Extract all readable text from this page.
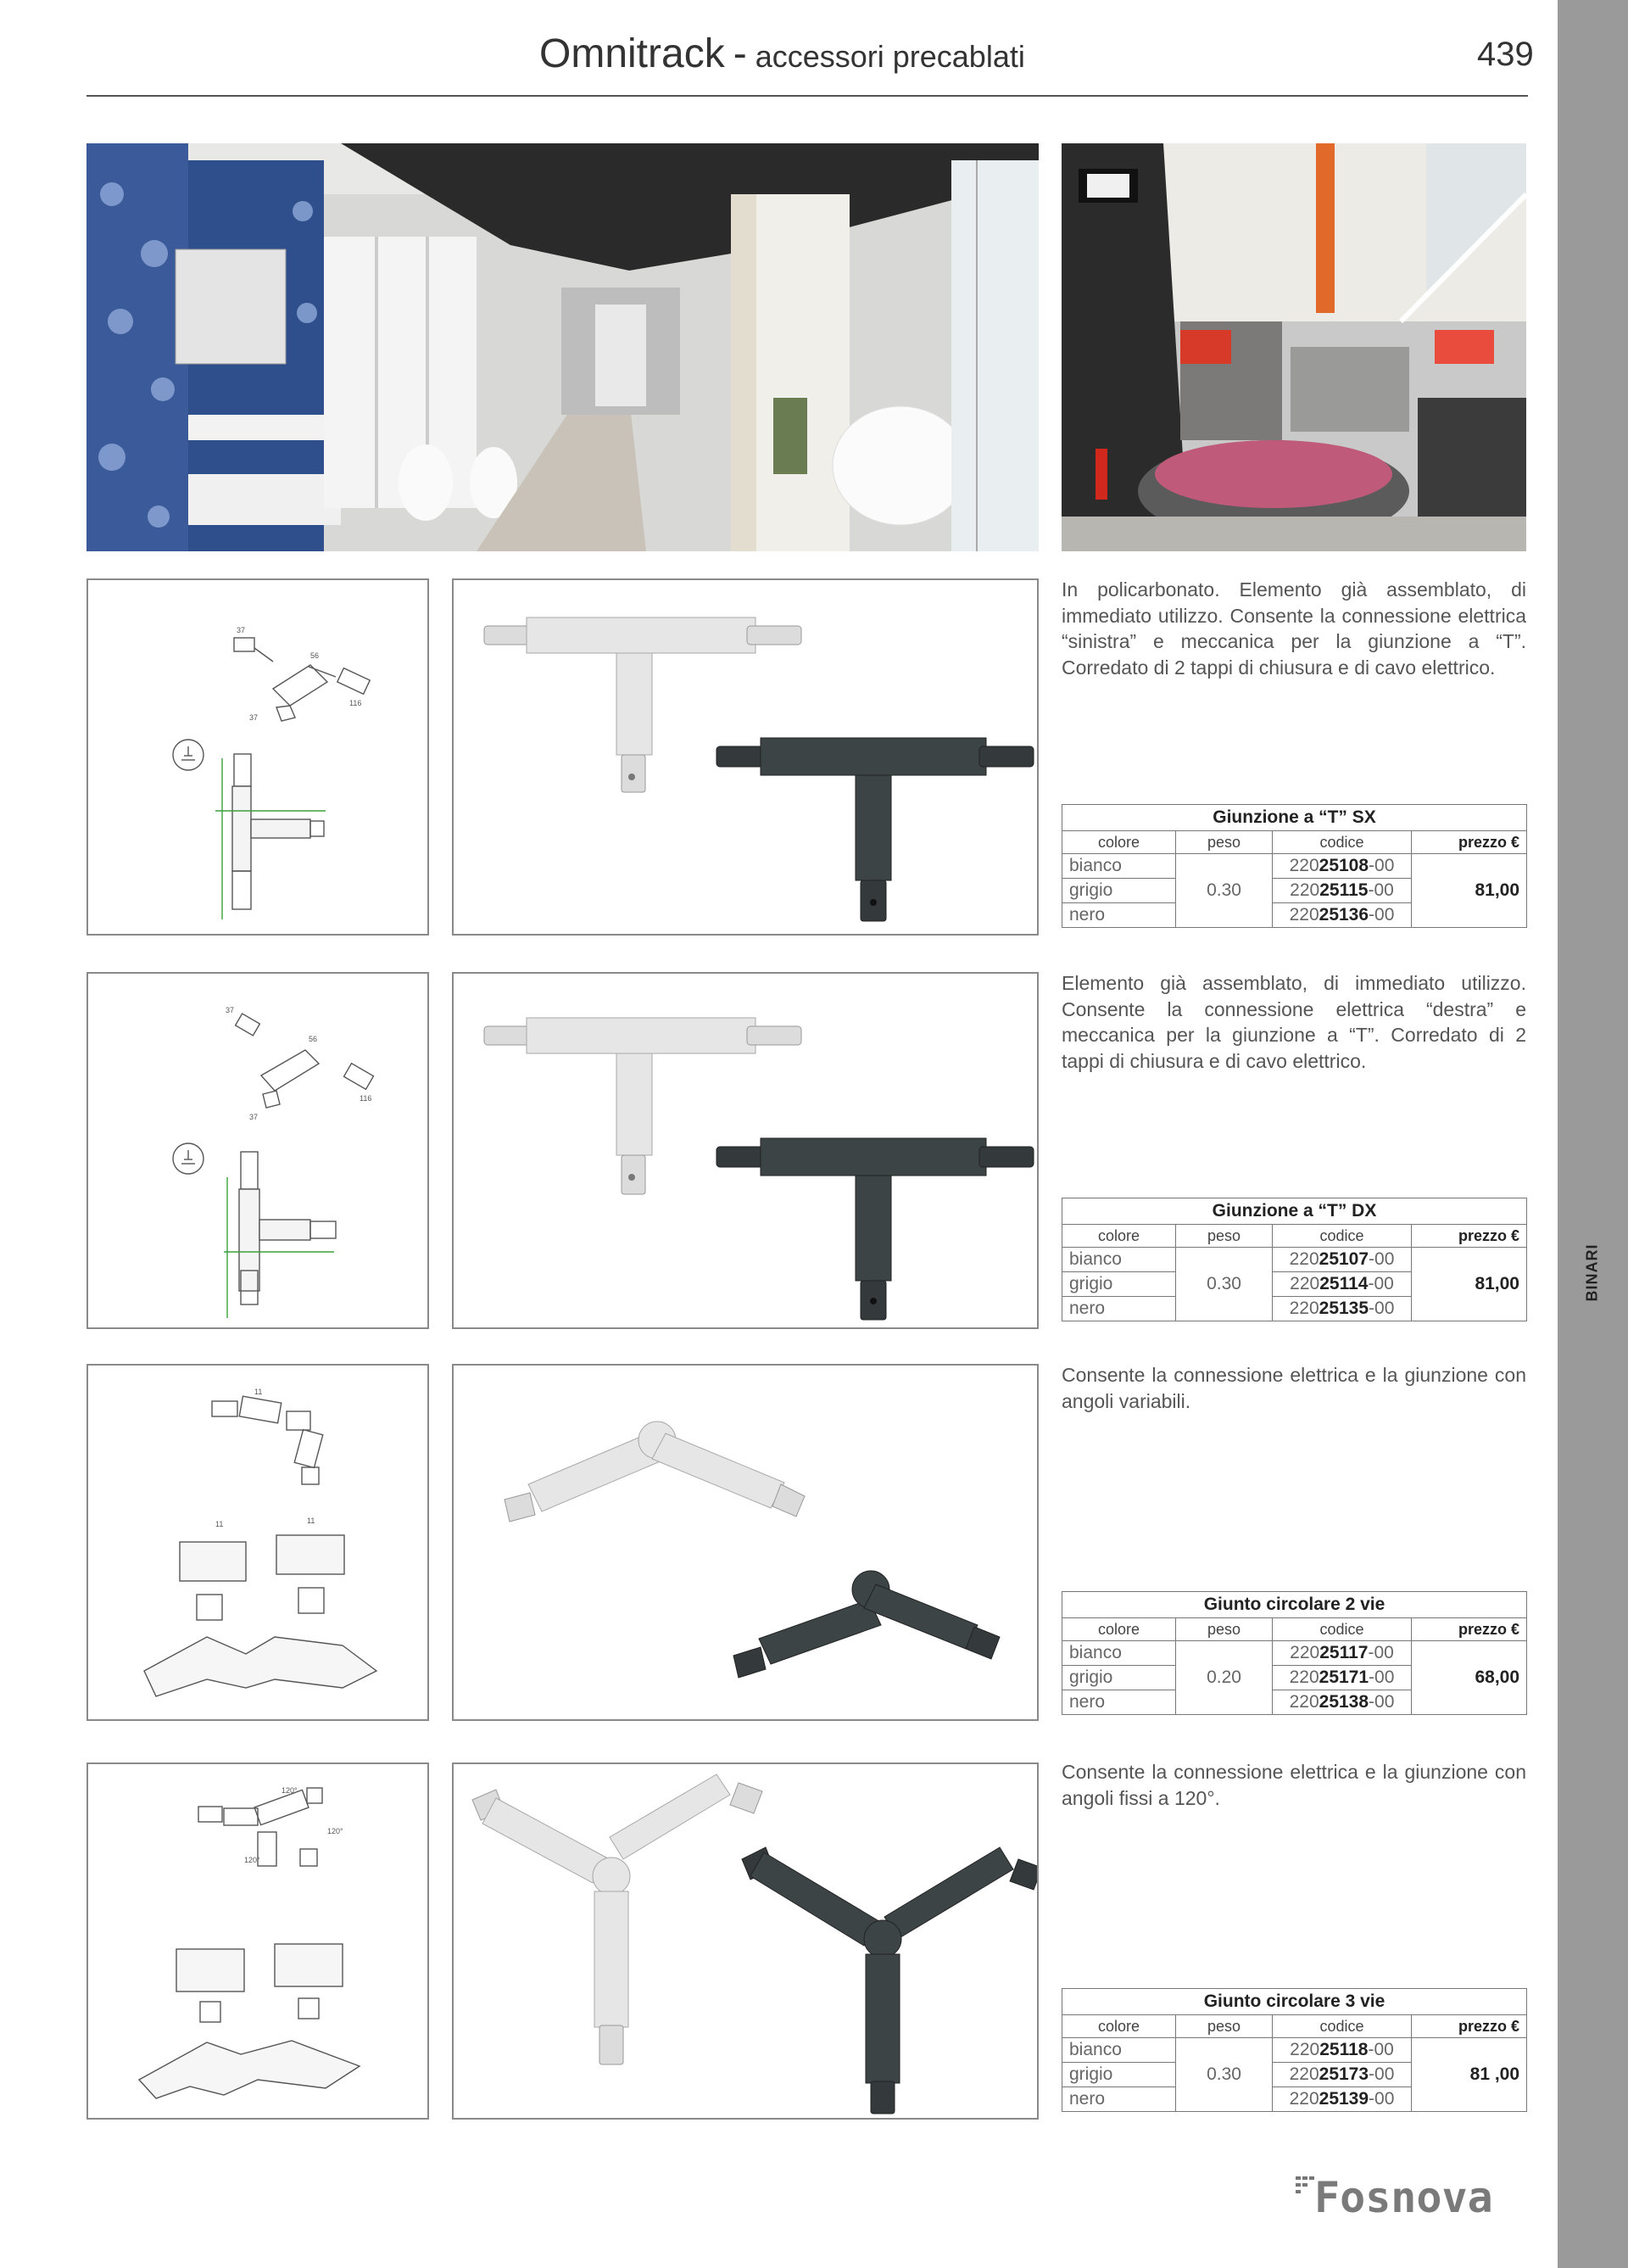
BINARI
Omnitrack - accessori precablati	439
37
56
116
37
In policarbonato. Elemento già assemblato, di immediato utilizzo. Consente la connessione elettrica “sinistra” e meccanica per la giunzione a “T”. Corredato di 2 tappi di chiusura e di cavo elettrico.
Giunzione a “T” SX			
colore	peso	codice	prezzo €
bianco	0.30	22025108-00	81,00
grigio		22025115-00	
nero		22025136-00	
37
56
116
37
Elemento già assemblato, di immediato utilizzo. Consente la connessione elettrica “destra” e meccanica per la giunzione a “T”. Corredato di 2 tappi di chiusura e di cavo elettrico.
Giunzione a “T” DX			
colore	peso	codice	prezzo €
bianco	0.30	22025107-00	81,00
grigio		22025114-00	
nero		22025135-00	
11
11
11
Consente la connessione elettrica e la giunzione con angoli variabili.
Giunto circolare 2 vie			
colore	peso	codice	prezzo €
bianco	0.20	22025117-00	68,00
grigio		22025171-00	
nero		22025138-00	
120°
120°
120°
Consente la connessione elettrica e la giunzione con angoli fissi a 120°.
Giunto circolare 3 vie			
colore	peso	codice	prezzo €
bianco	0.30	22025118-00	81 ,00
grigio		22025173-00	
nero		22025139-00	
Fosnova
